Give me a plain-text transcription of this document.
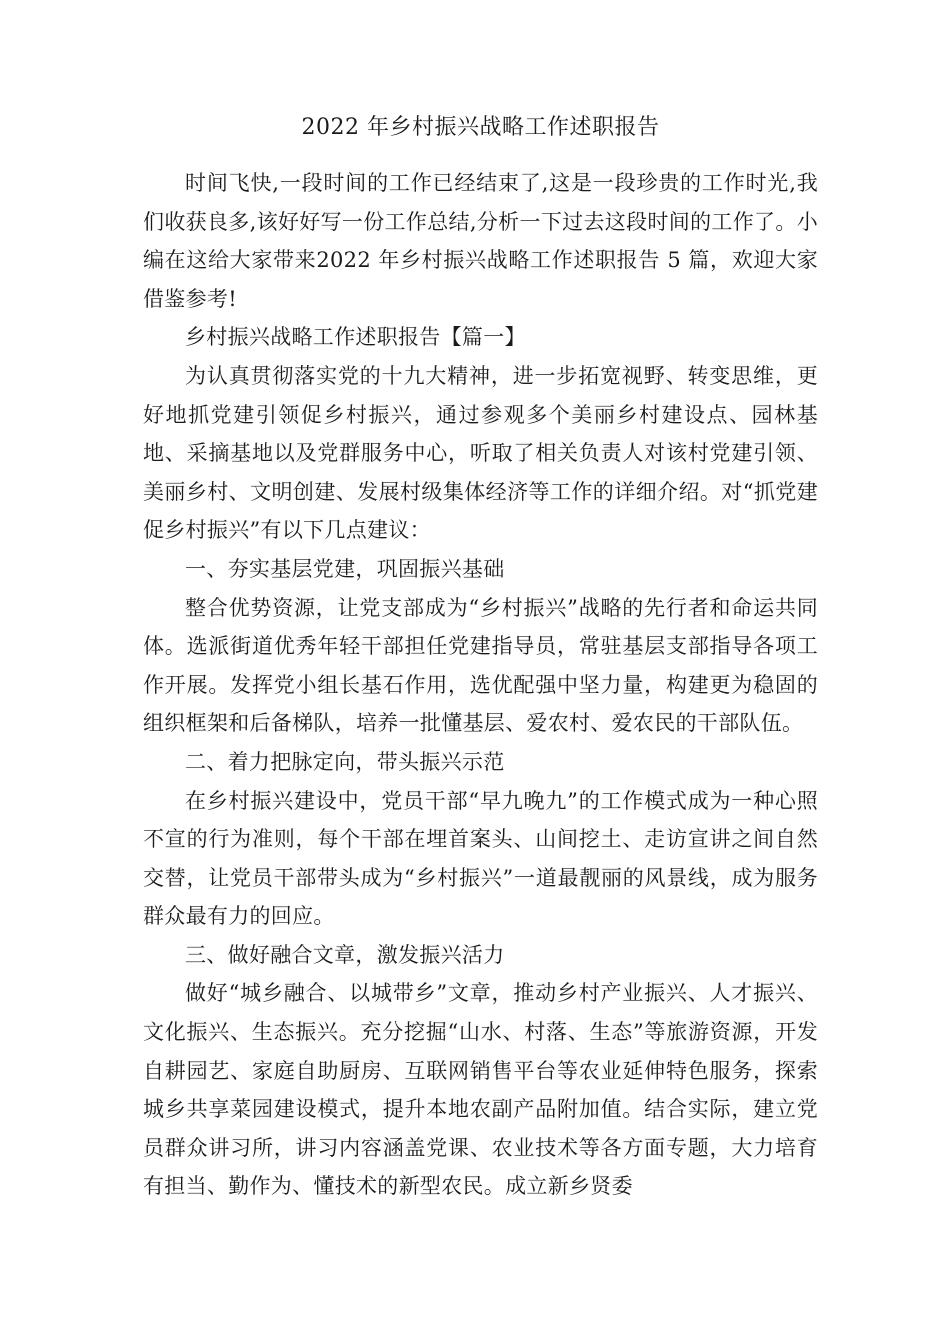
2022 年乡村振兴战略工作述职报告

时间飞快,一段时间的工作已经结束了,这是一段珍贵的工作时光,我们收获良多,该好好写一份工作总结,分析一下过去这段时间的工作了。小编在这给大家带来2022 年乡村振兴战略工作述职报告 5 篇，欢迎大家借鉴参考!

乡村振兴战略工作述职报告【篇一】

为认真贯彻落实党的十九大精神，进一步拓宽视野、转变思维，更好地抓党建引领促乡村振兴，通过参观多个美丽乡村建设点、园林基地、采摘基地以及党群服务中心，听取了相关负责人对该村党建引领、美丽乡村、文明创建、发展村级集体经济等工作的详细介绍。对“抓党建促乡村振兴”有以下几点建议：

一、夯实基层党建，巩固振兴基础

整合优势资源，让党支部成为“乡村振兴”战略的先行者和命运共同体。选派街道优秀年轻干部担任党建指导员，常驻基层支部指导各项工作开展。发挥党小组长基石作用，选优配强中坚力量，构建更为稳固的组织框架和后备梯队，培养一批懂基层、爱农村、爱农民的干部队伍。

二、着力把脉定向，带头振兴示范

在乡村振兴建设中，党员干部“早九晚九”的工作模式成为一种心照不宣的行为准则，每个干部在埋首案头、山间挖土、走访宣讲之间自然交替，让党员干部带头成为“乡村振兴”一道最靓丽的风景线，成为服务群众最有力的回应。

三、做好融合文章，激发振兴活力

做好“城乡融合、以城带乡”文章，推动乡村产业振兴、人才振兴、文化振兴、生态振兴。充分挖掘“山水、村落、生态”等旅游资源，开发自耕园艺、家庭自助厨房、互联网销售平台等农业延伸特色服务，探索城乡共享菜园建设模式，提升本地农副产品附加值。结合实际，建立党员群众讲习所，讲习内容涵盖党课、农业技术等各方面专题，大力培育有担当、勤作为、懂技术的新型农民。成立新乡贤委
